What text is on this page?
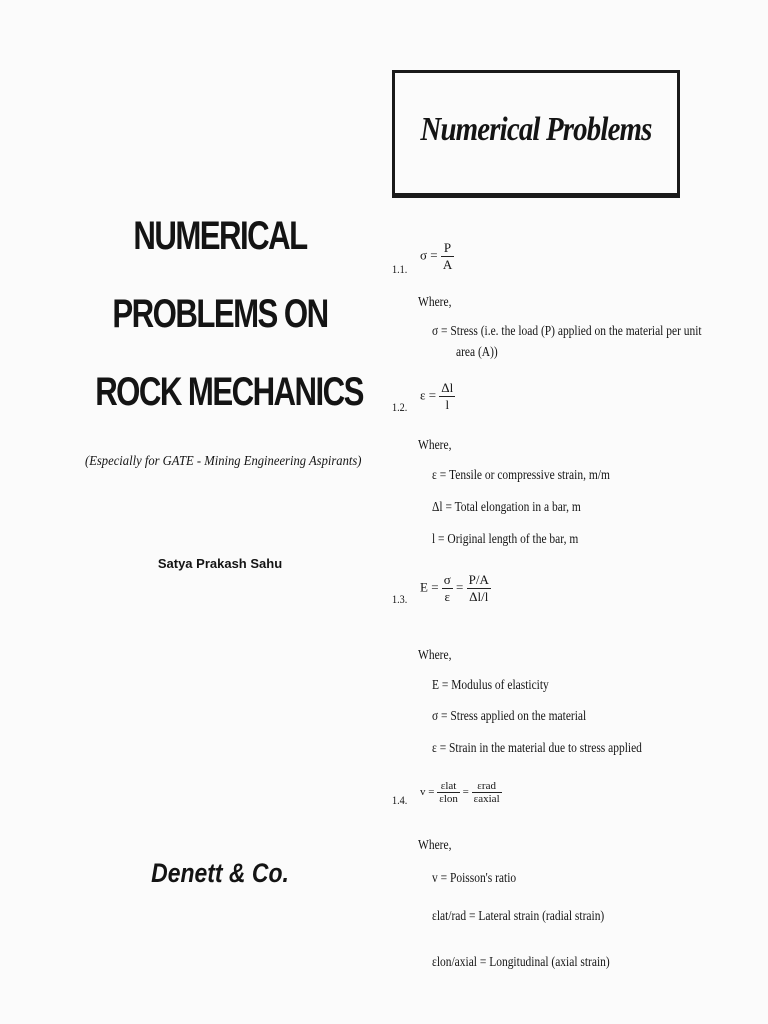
NUMERICAL
PROBLEMS ON
ROCK MECHANICS
(Especially for GATE - Mining Engineering Aspirants)
Satya Prakash Sahu
Denett & Co.
Numerical Problems
1.1.
$\sigma = \frac{P}{A}$
Where,
σ = Stress (i.e. the load (P) applied on the material per unit
area (A))
1.2.
$\varepsilon = \frac{\Delta l}{l}$
Where,
ε = Tensile or compressive strain, m/m
Δl = Total elongation in a bar, m
l = Original length of the bar, m
1.3.
$E = \frac{\sigma}{\varepsilon} = \frac{P/A}{\Delta l/l}$
Where,
E = Modulus of elasticity
σ = Stress applied on the material
ε = Strain in the material due to stress applied
1.4.
$v = \frac{\text{εlat}}{\text{εlon}} = \frac{\text{εrad}}{\text{εaxial}}$
Where,
v = Poisson's ratio
εlat/rad = Lateral strain (radial strain)
εlon/axial = Longitudinal (axial strain)
